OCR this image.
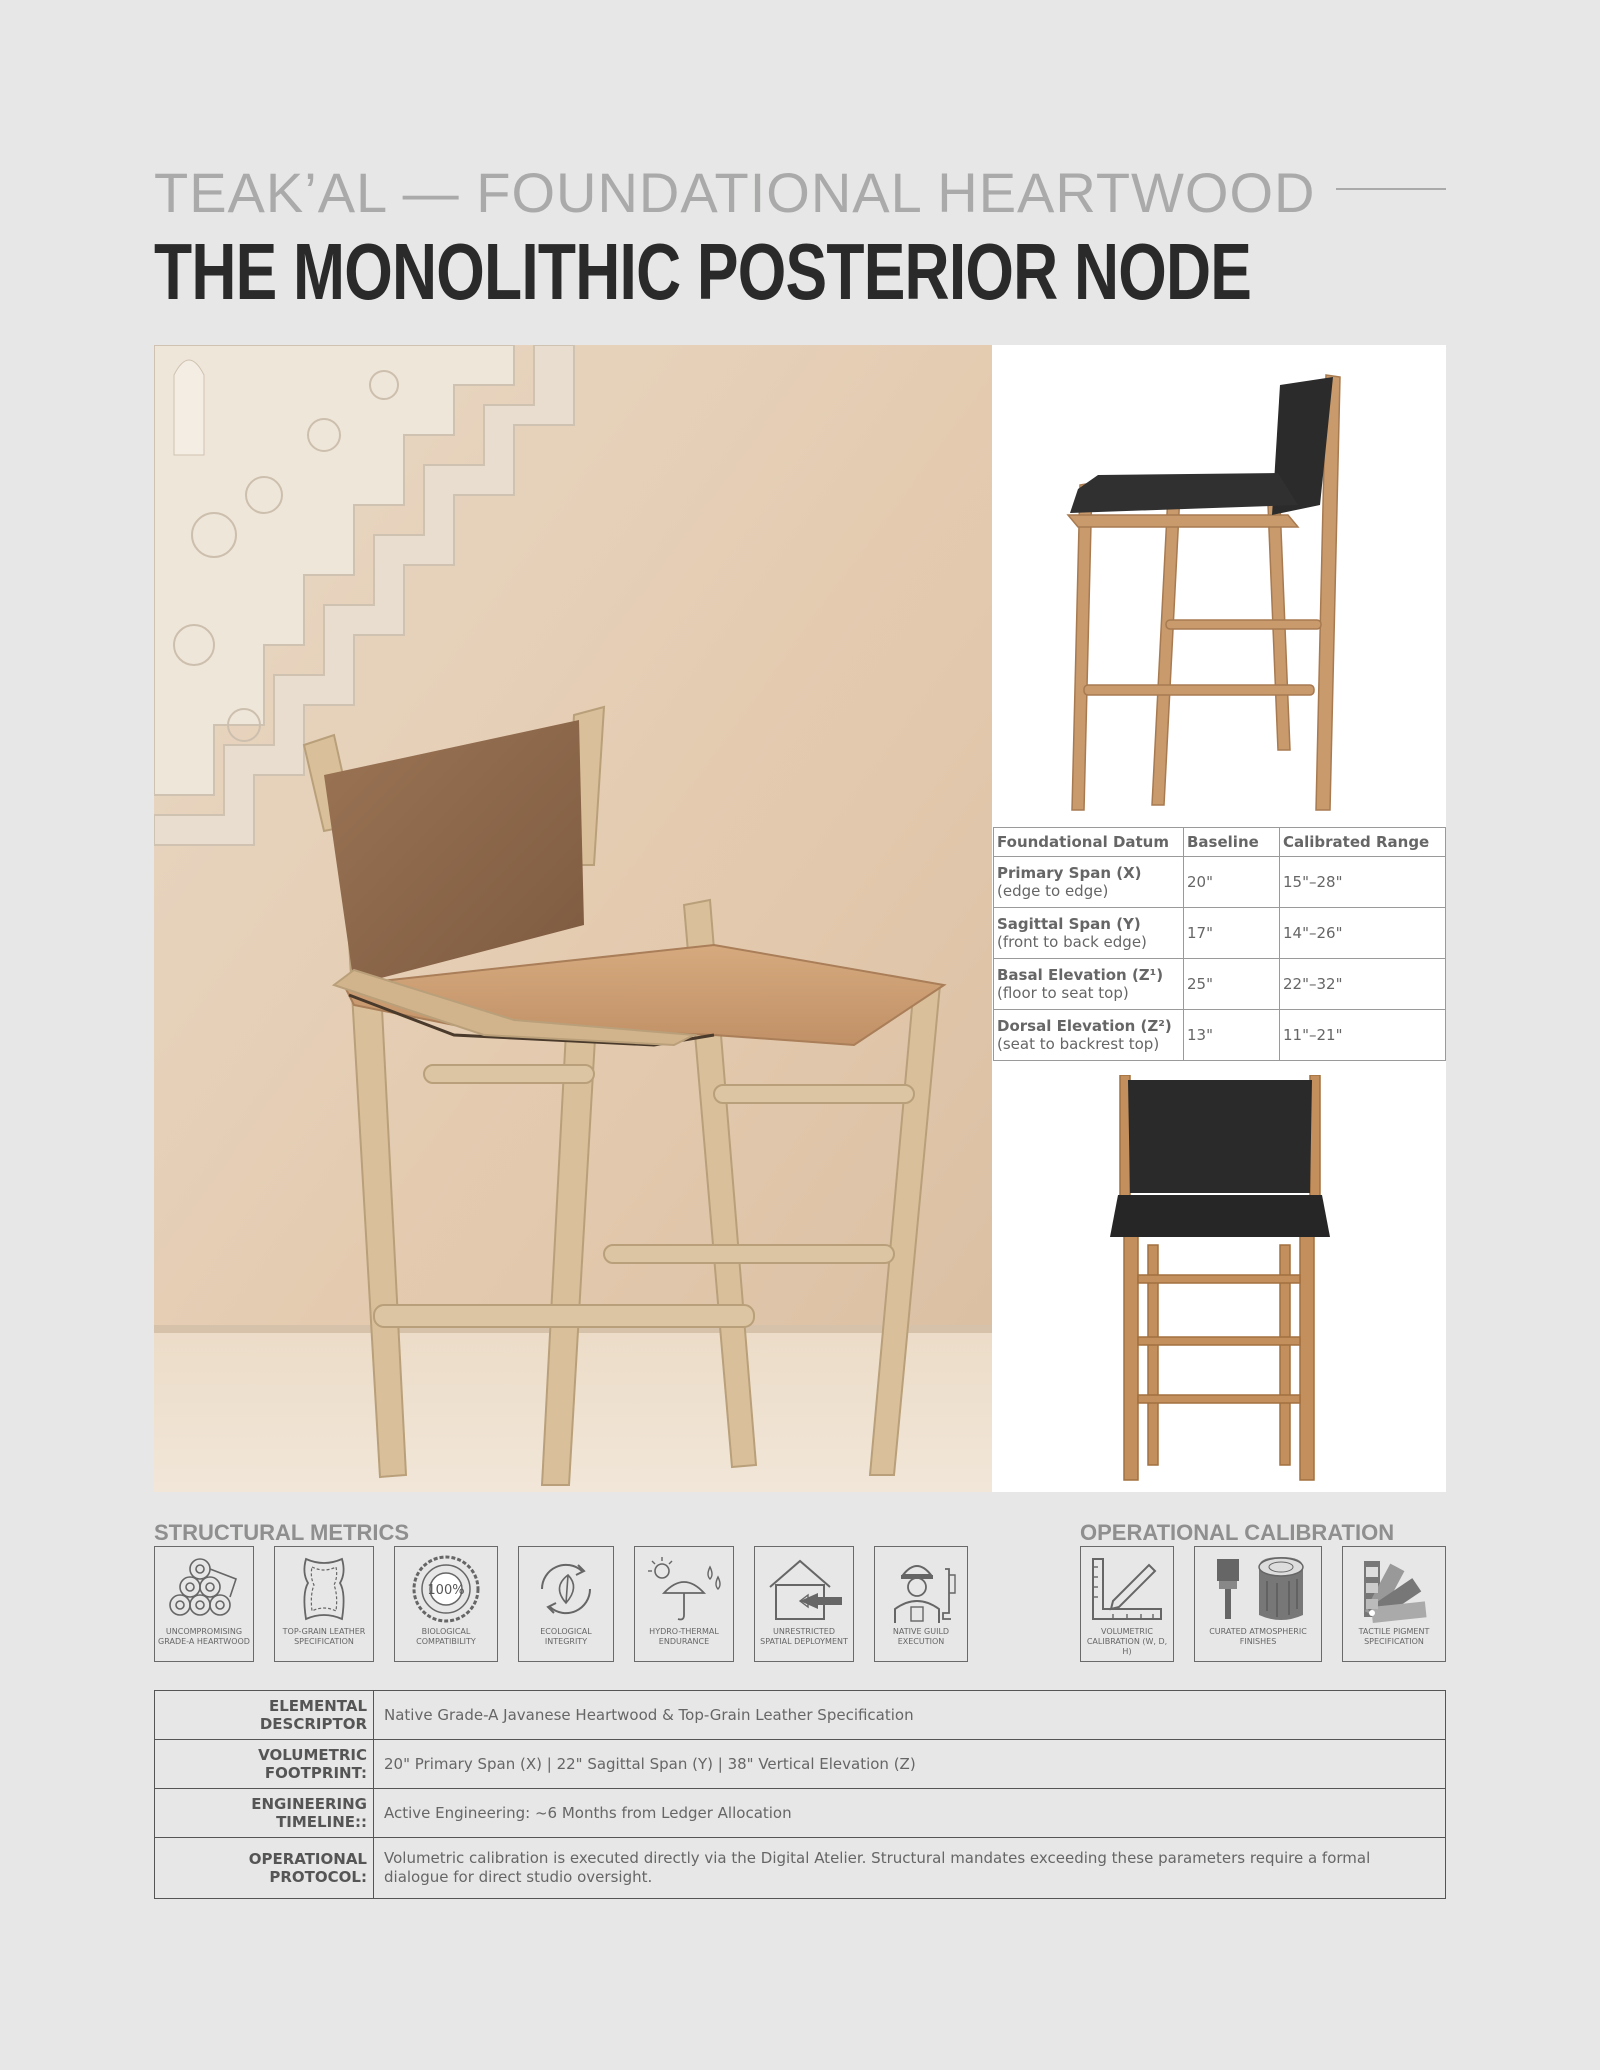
TEAK’AL — FOUNDATIONAL HEARTWOOD
THE MONOLITHIC POSTERIOR NODE
Foundational Datum	Baseline	Calibrated Range

Primary Span (X)
(edge to edge)	20"	15"–28"

Sagittal Span (Y)
(front to back edge)	17"	14"–26"

Basal Elevation (Z¹)
(floor to seat top)	25"	22"–32"

Dorsal Elevation (Z²)
(seat to backrest top)	13"	11"–21"
STRUCTURAL METRICS	OPERATIONAL CALIBRATION
UNCOMPROMISING GRADE-A HEARTWOOD
TOP-GRAIN LEATHER SPECIFICATION
100%
BIOLOGICAL COMPATIBILITY
ECOLOGICAL INTEGRITY
HYDRO-THERMAL ENDURANCE
UNRESTRICTED SPATIAL DEPLOYMENT
NATIVE GUILD EXECUTION
VOLUMETRIC CALIBRATION (W, D, H)
CURATED ATMOSPHERIC FINISHES
TACTILE PIGMENT SPECIFICATION
ELEMENTAL DESCRIPTOR	Native Grade-A Javanese Heartwood & Top-Grain Leather Specification
VOLUMETRIC FOOTPRINT:	20" Primary Span (X) | 22" Sagittal Span (Y) | 38" Vertical Elevation (Z)
ENGINEERING TIMELINE::	Active Engineering: ~6 Months from Ledger Allocation
OPERATIONAL PROTOCOL:	Volumetric calibration is executed directly via the Digital Atelier. Structural mandates exceeding these parameters require a formal dialogue for direct studio oversight.
